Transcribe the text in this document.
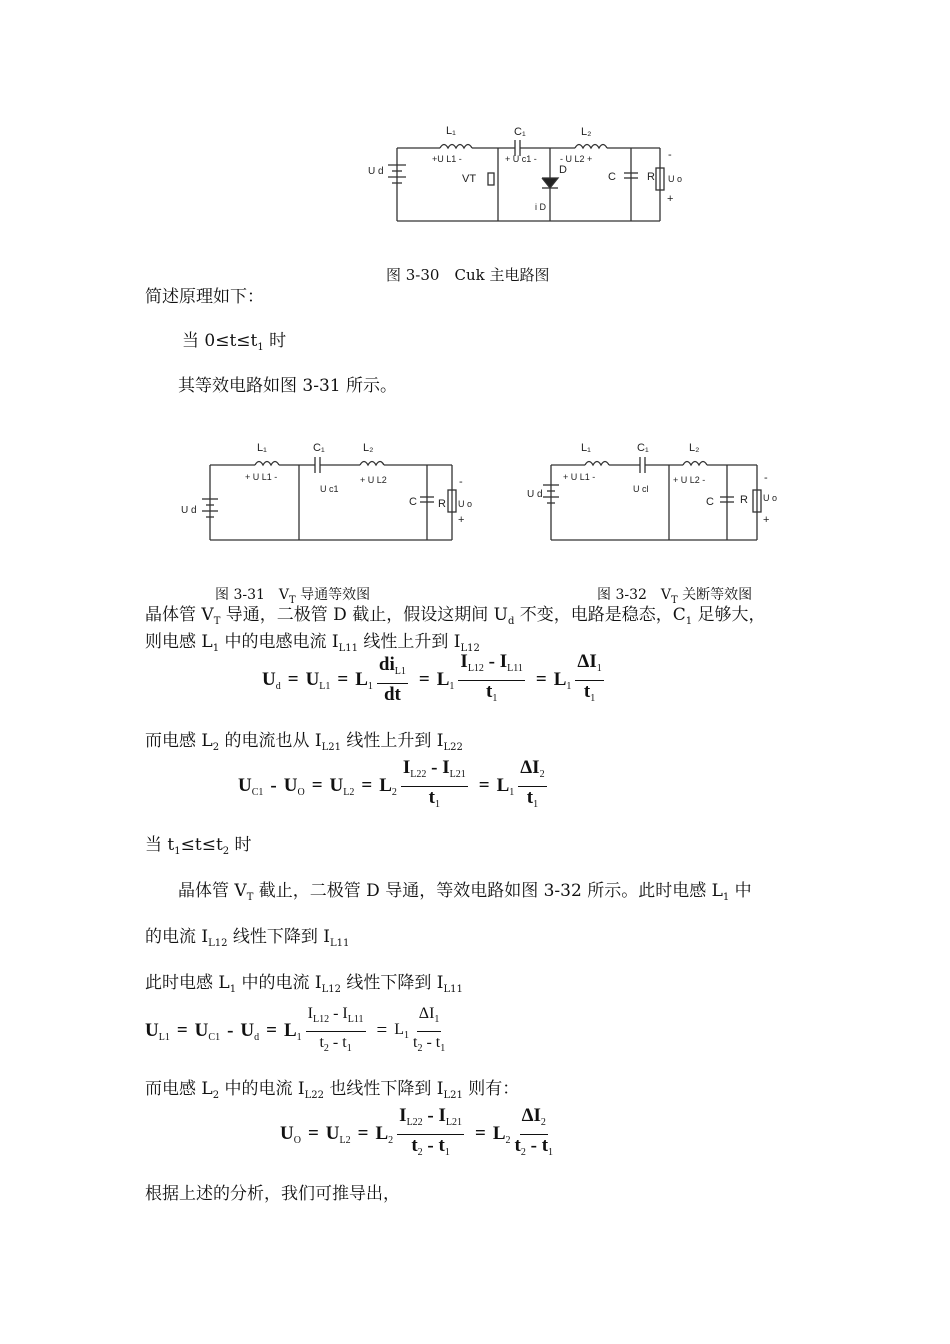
L₁	C₁	L₂
+U L1 -	+ U c1 -	- U L2 +
U d
VT
D
i D
C	R U o
-
+
图 3-30　Cuk 主电路图
简述原理如下：
当 $0\le t\le t_1$ 时
其等效电路如图 3-31 所示。
L₁	C₁	L₂
+ U L1 -
U c1
+ U L2
U d
C R U o
-
+
L₁	C₁	L₂
+ U L1 -
U cl
+ U L2 -
U d
C R U o
-
+
图 3-31　$V_T$ 导通等效图	图 3-32　$V_T$ 关断等效图
晶体管 $V_T$ 导通，二极管 D 截止，假设这期间 $U_d$ 不变，电路是稳态，$C_1$ 足够大，
则电感 $L_1$ 中的电感电流 $I_{L11}$ 线性上升到 $I_{L12}$
$U_d = U_{L1} = L_1 \frac{di_{L1}}{dt} = L_1 \frac{I_{L12} - I_{L11}}{t_1} = L_1 \frac{\Delta I_1}{t_1}$
而电感 $L_2$ 的电流也从 $I_{L21}$ 线性上升到 $I_{L22}$
$U_{C1} - U_O = U_{L2} = L_2 \frac{I_{L22} - I_{L21}}{t_1} = L_1 \frac{\Delta I_2}{t_1}$
当 $t_1\le t\le t_2$ 时
晶体管 $V_T$ 截止，二极管 D 导通，等效电路如图 3-32 所示。此时电感 $L_1$ 中
的电流 $I_{L12}$ 线性下降到 $I_{L11}$
此时电感 $L_1$ 中的电流 $I_{L12}$ 线性下降到 $I_{L11}$
$U_{L1} = U_{C1} - U_d = L_1 \frac{I_{L12} - I_{L11}}{t_2 - t_1} = L_1 \frac{\Delta I_1}{t_2 - t_1}$
而电感 $L_2$ 中的电流 $I_{L22}$ 也线性下降到 $I_{L21}$ 则有：
$U_O = U_{L2} = L_2 \frac{I_{L22} - I_{L21}}{t_2 - t_1} = L_2 \frac{\Delta I_2}{t_2 - t_1}$
根据上述的分析，我们可推导出，
